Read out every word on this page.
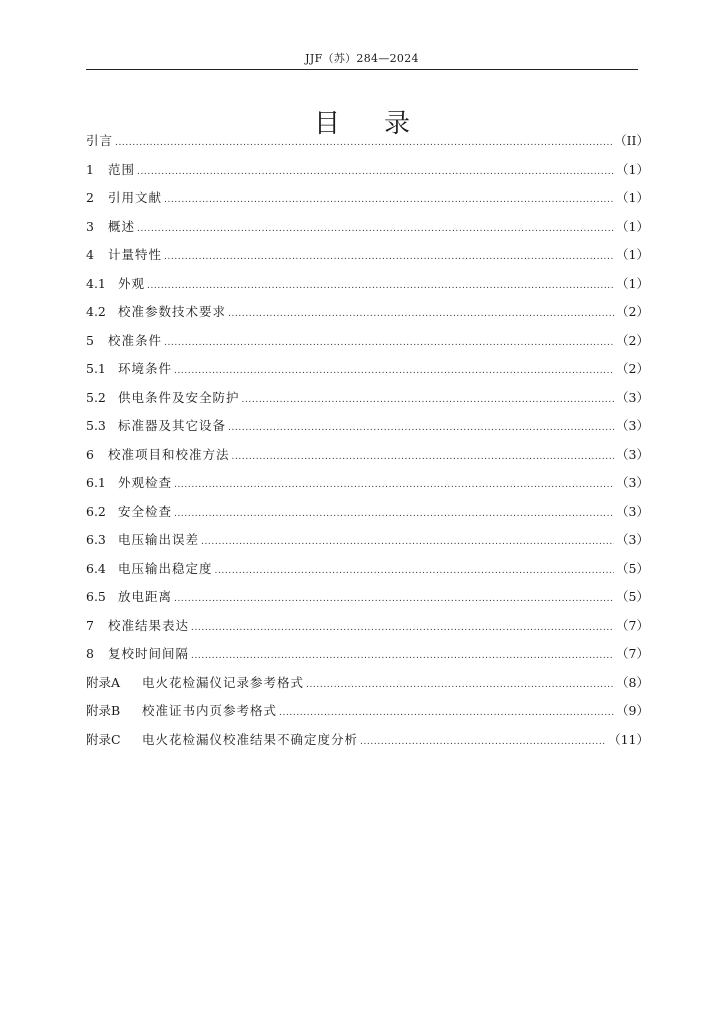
JJF（苏）284—2024
目录
引言 .....	（II）
1	范围 .....	（1）
2	引用文献 .....	（1）
3	概述 .....	（1）
4	计量特性 .....	（1）
4.1 外观 .....	（1）
4.2 校准参数技术要求 .....	（2）
5	校准条件 .....	（2）
5.1 环境条件 .....	（2）
5.2 供电条件及安全防护 .....	（3）
5.3 标准器及其它设备 .....	（3）
6	校准项目和校准方法 .....	（3）
6.1 外观检查 .....	（3）
6.2 安全检查 .....	（3）
6.3 电压输出误差 .....	（3）
6.4 电压输出稳定度 .....	（5）
6.5 放电距离 .....	（5）
7	校准结果表达 .....	（7）
8	复校时间间隔 .....	（7）
附录A	电火花检漏仪记录参考格式 .....	（8）
附录B	校准证书内页参考格式 .....	（9）
附录C	电火花检漏仪校准结果不确定度分析 .....	（11）
